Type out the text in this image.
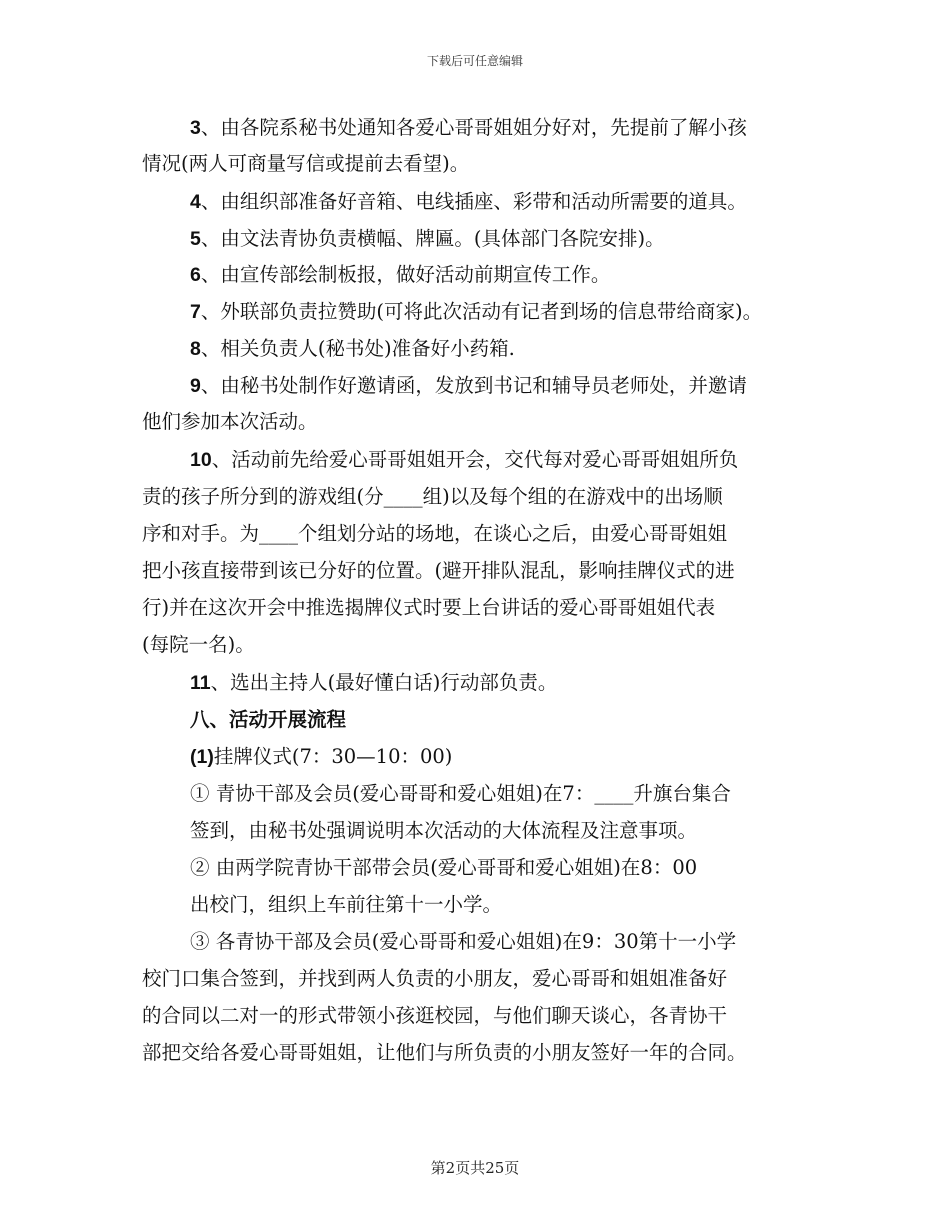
下载后可任意编辑
3、由各院系秘书处通知各爱心哥哥姐姐分好对，先提前了解小孩
情况(两人可商量写信或提前去看望)。
4、由组织部准备好音箱、电线插座、彩带和活动所需要的道具。
5、由文法青协负责横幅、牌匾。(具体部门各院安排)。
6、由宣传部绘制板报，做好活动前期宣传工作。
7、外联部负责拉赞助(可将此次活动有记者到场的信息带给商家)。
8、相关负责人(秘书处)准备好小药箱.
9、由秘书处制作好邀请函，发放到书记和辅导员老师处，并邀请
他们参加本次活动。
10、活动前先给爱心哥哥姐姐开会，交代每对爱心哥哥姐姐所负
责的孩子所分到的游戏组(分____组)以及每个组的在游戏中的出场顺
序和对手。为____个组划分站的场地，在谈心之后，由爱心哥哥姐姐
把小孩直接带到该已分好的位置。(避开排队混乱，影响挂牌仪式的进
行)并在这次开会中推选揭牌仪式时要上台讲话的爱心哥哥姐姐代表
(每院一名)。
11、选出主持人(最好懂白话)行动部负责。
八、活动开展流程
(1)挂牌仪式(7：30—10：00)
① 青协干部及会员(爱心哥哥和爱心姐姐)在7：____升旗台集合
签到，由秘书处强调说明本次活动的大体流程及注意事项。
② 由两学院青协干部带会员(爱心哥哥和爱心姐姐)在8：00
出校门，组织上车前往第十一小学。
③ 各青协干部及会员(爱心哥哥和爱心姐姐)在9：30第十一小学
校门口集合签到，并找到两人负责的小朋友，爱心哥哥和姐姐准备好
的合同以二对一的形式带领小孩逛校园，与他们聊天谈心，各青协干
部把交给各爱心哥哥姐姐，让他们与所负责的小朋友签好一年的合同。
第2页共25页
